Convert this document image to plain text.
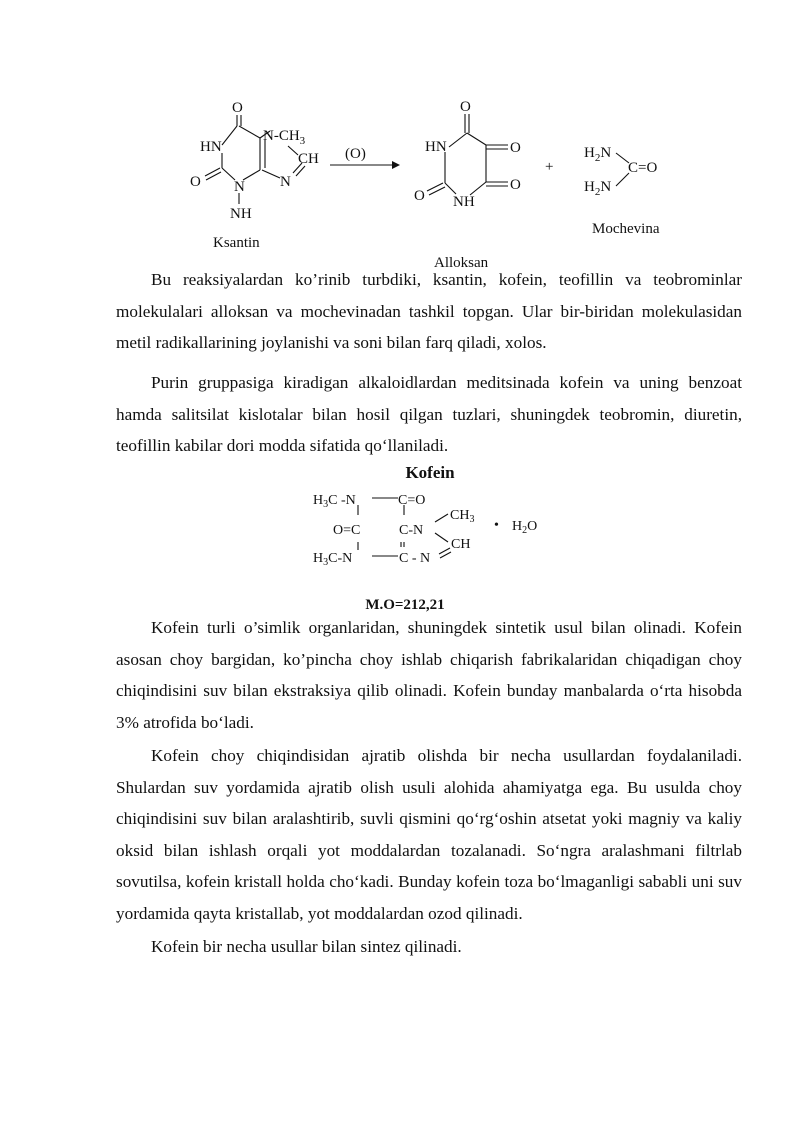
O
HN
$N-CH_3$
CH
N
O N
NH
Ksantin
(O)
O
HN	O
O
O NH
Alloksan
+
$H_2N$
C=O
$H_2N$
Mochevina

Bu reaksiyalardan ko’rinib turbdiki, ksantin, kofein, teofillin va teobrominlar molekulalari alloksan va mochevinadan tashkil topgan. Ular bir-biridan molekulasidan metil radikallarining joylanishi va soni bilan farq qiladi, xolos.

Purin gruppasiga kiradigan alkaloidlardan meditsinada kofein va uning benzoat hamda salitsilat kislotalar bilan hosil qilgan tuzlari, shuningdek teobromin, diuretin, teofillin kabilar dori modda sifatida qo‘llaniladi.

Kofein
$H_3C$ -N	C=O
$CH_3$
O=C	C-N
CH
$H_3C-N$	C - N
• $H_2O$
M.O=212,21

Kofein turli o’simlik organlaridan, shuningdek sintetik usul bilan olinadi. Kofein asosan choy bargidan, ko’pincha choy ishlab chiqarish fabrikalaridan chiqadigan choy chiqindisini suv bilan ekstraksiya qilib olinadi. Kofein bunday manbalarda o‘rta hisobda 3% atrofida bo‘ladi.

Kofein choy chiqindisidan ajratib olishda bir necha usullardan foydalaniladi. Shulardan suv yordamida ajratib olish usuli alohida ahamiyatga ega. Bu usulda choy chiqindisini suv bilan aralashtirib, suvli qismini qo‘rg‘oshin atsetat yoki magniy va kaliy oksid bilan ishlash orqali yot moddalardan tozalanadi. So‘ngra aralashmani filtrlab sovutilsa, kofein kristall holda cho‘kadi. Bunday kofein toza bo‘lmaganligi sababli uni suv yordamida qayta kristallab, yot moddalardan ozod qilinadi.

Kofein bir necha usullar bilan sintez qilinadi.
